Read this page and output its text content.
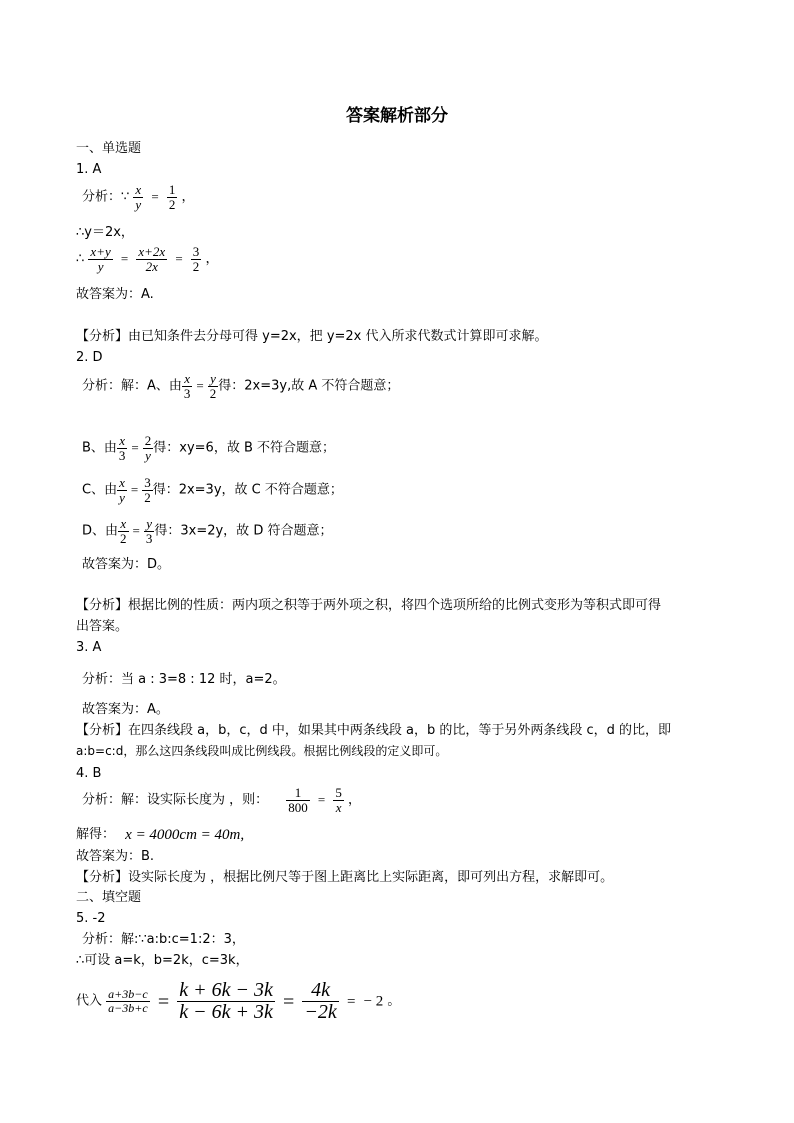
答案解析部分
一、单选题
1. A
分析：∵ $\frac{x}{y} = \frac{1}{2}$ ，
∴y＝2x，
∴ $\frac{x+y}{y} = \frac{x+2x}{2x} = \frac{3}{2}$ ，
故答案为：A.
【分析】由已知条件去分母可得 y=2x，把 y=2x 代入所求代数式计算即可求解。
2. D
分析：解：A、由 $\frac{x}{3} = \frac{y}{2}$ 得：2x=3y,故 A 不符合题意；
B、由 $\frac{x}{3} = \frac{2}{y}$ 得：xy=6，故 B 不符合题意；
C、由 $\frac{x}{y} = \frac{3}{2}$ 得：2x=3y，故 C 不符合题意；
D、由 $\frac{x}{2} = \frac{y}{3}$ 得：3x=2y，故 D 符合题意；
故答案为：D。
【分析】根据比例的性质：两内项之积等于两外项之积，将四个选项所给的比例式变形为等积式即可得
出答案。
3. A
分析：当 a : 3=8 : 12 时，a=2。
故答案为：A。
【分析】在四条线段 a，b，c，d 中，如果其中两条线段 a，b 的比，等于另外两条线段 c，d 的比，即
a:b=c:d，那么这四条线段叫成比例线段。根据比例线段的定义即可。
4. B
分析：解：设实际长度为 ，则： $\frac{1}{800} = \frac{5}{x}$ ，
解得： x = 4000cm = 40m,
故答案为：B.
【分析】设实际长度为 ，根据比例尺等于图上距离比上实际距离，即可列出方程，求解即可。
二、填空题
5. -2
分析：解:∵a:b:c=1:2：3，
∴可设 a=k，b=2k，c=3k，
代入 $\frac{a+3b-c}{a-3b+c} = \frac{k + 6k - 3k}{k - 6k + 3k} = \frac{4k}{-2k}$ = − 2 。
